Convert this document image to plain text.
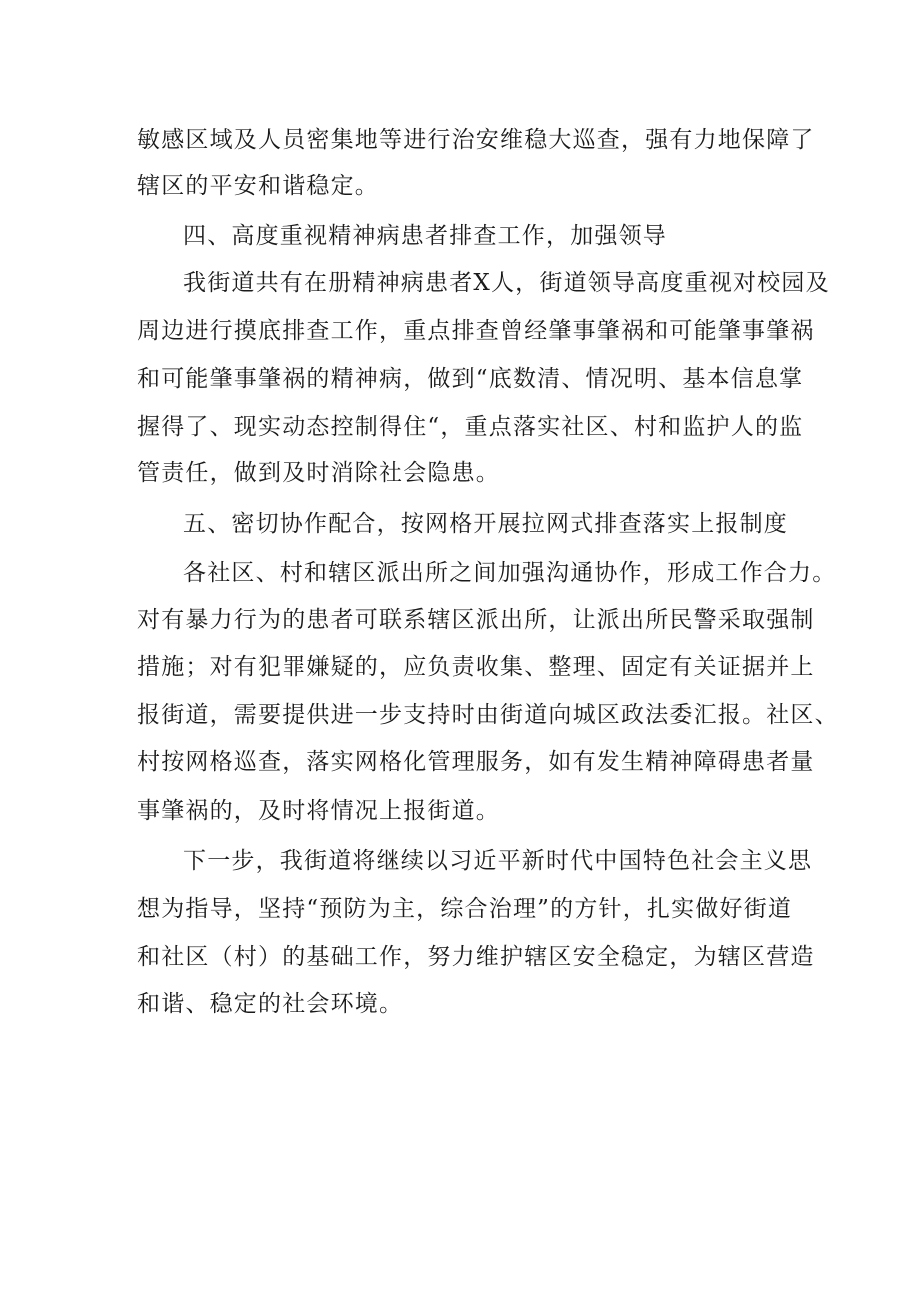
敏感区域及人员密集地等进行治安维稳大巡查，强有力地保障了
辖区的平安和谐稳定。
四、高度重视精神病患者排查工作，加强领导
我街道共有在册精神病患者X人，街道领导高度重视对校园及
周边进行摸底排查工作，重点排查曾经肇事肇祸和可能肇事肇祸
和可能肇事肇祸的精神病，做到“底数清、情况明、基本信息掌
握得了、现实动态控制得住“，重点落实社区、村和监护人的监
管责任，做到及时消除社会隐患。
五、密切协作配合，按网格开展拉网式排查落实上报制度
各社区、村和辖区派出所之间加强沟通协作，形成工作合力。
对有暴力行为的患者可联系辖区派出所，让派出所民警采取强制
措施；对有犯罪嫌疑的，应负责收集、整理、固定有关证据并上
报街道，需要提供进一步支持时由街道向城区政法委汇报。社区、
村按网格巡查，落实网格化管理服务，如有发生精神障碍患者量
事肇祸的，及时将情况上报街道。
下一步，我街道将继续以习近平新时代中国特色社会主义思
想为指导，坚持“预防为主，综合治理”的方针，扎实做好街道
和社区（村）的基础工作，努力维护辖区安全稳定，为辖区营造
和谐、稳定的社会环境。
